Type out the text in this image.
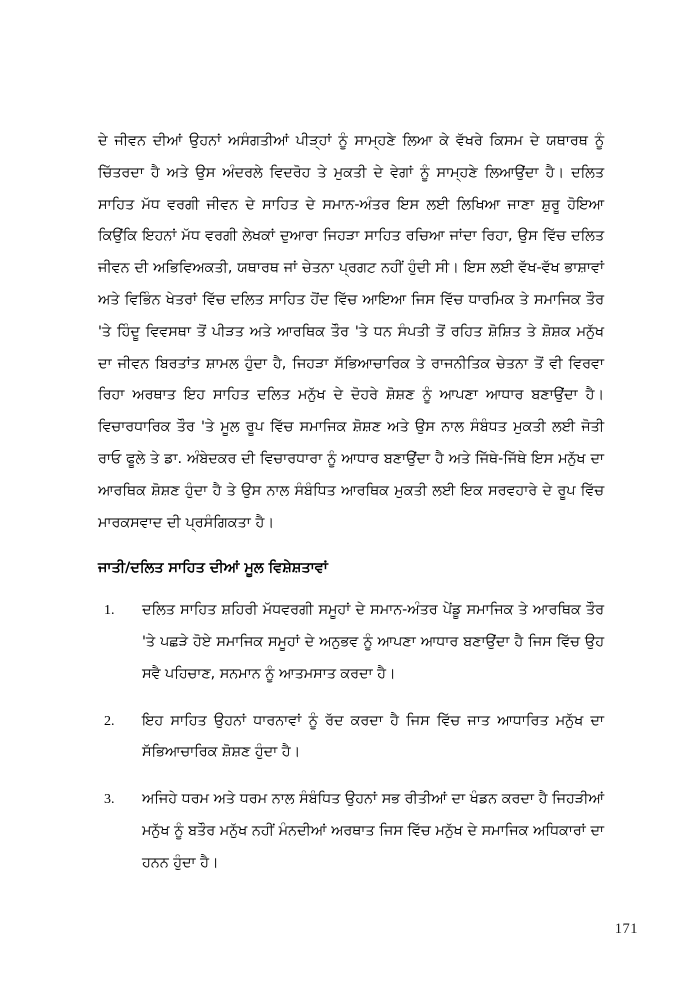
ਦੇ ਜੀਵਨ ਦੀਆਂ ਉਹਨਾਂ ਅਸੰਗਤੀਆਂ ਪੀੜ੍ਹਾਂ ਨੂੰ ਸਾਮ੍ਹਣੇ ਲਿਆ ਕੇ ਵੱਖਰੇ ਕਿਸਮ ਦੇ ਯਥਾਰਥ ਨੂੰ ਚਿੱਤਰਦਾ ਹੈ ਅਤੇ ਉਸ ਅੰਦਰਲੇ ਵਿਦਰੋਹ ਤੇ ਮੁਕਤੀ ਦੇ ਵੇਗਾਂ ਨੂੰ ਸਾਮ੍ਹਣੇ ਲਿਆਉਂਦਾ ਹੈ। ਦਲਿਤ ਸਾਹਿਤ ਮੱਧ ਵਰਗੀ ਜੀਵਨ ਦੇ ਸਾਹਿਤ ਦੇ ਸਮਾਨ-ਅੰਤਰ ਇਸ ਲਈ ਲਿਖਿਆ ਜਾਣਾ ਸ਼ੁਰੂ ਹੋਇਆ ਕਿਉਂਕਿ ਇਹਨਾਂ ਮੱਧ ਵਰਗੀ ਲੇਖਕਾਂ ਦੁਆਰਾ ਜਿਹੜਾ ਸਾਹਿਤ ਰਚਿਆ ਜਾਂਦਾ ਰਿਹਾ, ਉਸ ਵਿੱਚ ਦਲਿਤ ਜੀਵਨ ਦੀ ਅਭਿਵਿਅਕਤੀ, ਯਥਾਰਥ ਜਾਂ ਚੇਤਨਾ ਪ੍ਰਗਟ ਨਹੀਂ ਹੁੰਦੀ ਸੀ। ਇਸ ਲਈ ਵੱਖ-ਵੱਖ ਭਾਸ਼ਾਵਾਂ ਅਤੇ ਵਿਭਿੰਨ ਖੇਤਰਾਂ ਵਿੱਚ ਦਲਿਤ ਸਾਹਿਤ ਹੋਂਦ ਵਿੱਚ ਆਇਆ ਜਿਸ ਵਿੱਚ ਧਾਰਮਿਕ ਤੇ ਸਮਾਜਿਕ ਤੌਰ 'ਤੇ ਹਿੰਦੂ ਵਿਵਸਥਾ ਤੋਂ ਪੀੜਤ ਅਤੇ ਆਰਥਿਕ ਤੌਰ 'ਤੇ ਧਨ ਸੰਪਤੀ ਤੋਂ ਰਹਿਤ ਸ਼ੋਸ਼ਿਤ ਤੇ ਸ਼ੋਸ਼ਕ ਮਨੁੱਖ ਦਾ ਜੀਵਨ ਬਿਰਤਾਂਤ ਸ਼ਾਮਲ ਹੁੰਦਾ ਹੈ, ਜਿਹੜਾ ਸੱਭਿਆਚਾਰਿਕ ਤੇ ਰਾਜਨੀਤਿਕ ਚੇਤਨਾ ਤੋਂ ਵੀ ਵਿਰਵਾ ਰਿਹਾ ਅਰਥਾਤ ਇਹ ਸਾਹਿਤ ਦਲਿਤ ਮਨੁੱਖ ਦੇ ਦੋਹਰੇ ਸ਼ੋਸ਼ਣ ਨੂੰ ਆਪਣਾ ਆਧਾਰ ਬਣਾਉਂਦਾ ਹੈ। ਵਿਚਾਰਧਾਰਿਕ ਤੌਰ 'ਤੇ ਮੂਲ ਰੂਪ ਵਿੱਚ ਸਮਾਜਿਕ ਸ਼ੋਸ਼ਣ ਅਤੇ ਉਸ ਨਾਲ ਸੰਬੰਧਤ ਮੁਕਤੀ ਲਈ ਜੋਤੀ ਰਾਓ ਫੂਲੇ ਤੇ ਡਾ. ਅੰਬੇਦਕਰ ਦੀ ਵਿਚਾਰਧਾਰਾ ਨੂੰ ਆਧਾਰ ਬਣਾਉਂਦਾ ਹੈ ਅਤੇ ਜਿੱਥੇ-ਜਿੱਥੇ ਇਸ ਮਨੁੱਖ ਦਾ ਆਰਥਿਕ ਸ਼ੋਸ਼ਣ ਹੁੰਦਾ ਹੈ ਤੇ ਉਸ ਨਾਲ ਸੰਬੰਧਿਤ ਆਰਥਿਕ ਮੁਕਤੀ ਲਈ ਇਕ ਸਰਵਹਾਰੇ ਦੇ ਰੂਪ ਵਿੱਚ ਮਾਰਕਸਵਾਦ ਦੀ ਪ੍ਰਸੰਗਿਕਤਾ ਹੈ।

ਜਾਤੀ/ਦਲਿਤ ਸਾਹਿਤ ਦੀਆਂ ਮੂਲ ਵਿਸ਼ੇਸ਼ਤਾਵਾਂ
1.	ਦਲਿਤ ਸਾਹਿਤ ਸ਼ਹਿਰੀ ਮੱਧਵਰਗੀ ਸਮੂਹਾਂ ਦੇ ਸਮਾਨ-ਅੰਤਰ ਪੇਂਡੂ ਸਮਾਜਿਕ ਤੇ ਆਰਥਿਕ ਤੌਰ 'ਤੇ ਪਛੜੇ ਹੋਏ ਸਮਾਜਿਕ ਸਮੂਹਾਂ ਦੇ ਅਨੁਭਵ ਨੂੰ ਆਪਣਾ ਆਧਾਰ ਬਣਾਉਂਦਾ ਹੈ ਜਿਸ ਵਿੱਚ ਉਹ ਸਵੈ ਪਹਿਚਾਣ, ਸਨਮਾਨ ਨੂੰ ਆਤਮਸਾਤ ਕਰਦਾ ਹੈ।
2.	ਇਹ ਸਾਹਿਤ ਉਹਨਾਂ ਧਾਰਨਾਵਾਂ ਨੂੰ ਰੱਦ ਕਰਦਾ ਹੈ ਜਿਸ ਵਿੱਚ ਜਾਤ ਆਧਾਰਿਤ ਮਨੁੱਖ ਦਾ ਸੱਭਿਆਚਾਰਿਕ ਸ਼ੋਸ਼ਣ ਹੁੰਦਾ ਹੈ।
3.	ਅਜਿਹੇ ਧਰਮ ਅਤੇ ਧਰਮ ਨਾਲ ਸੰਬੰਧਿਤ ਉਹਨਾਂ ਸਭ ਰੀਤੀਆਂ ਦਾ ਖੰਡਨ ਕਰਦਾ ਹੈ ਜਿਹੜੀਆਂ ਮਨੁੱਖ ਨੂੰ ਬਤੌਰ ਮਨੁੱਖ ਨਹੀਂ ਮੰਨਦੀਆਂ ਅਰਥਾਤ ਜਿਸ ਵਿੱਚ ਮਨੁੱਖ ਦੇ ਸਮਾਜਿਕ ਅਧਿਕਾਰਾਂ ਦਾ ਹਨਨ ਹੁੰਦਾ ਹੈ।
171
